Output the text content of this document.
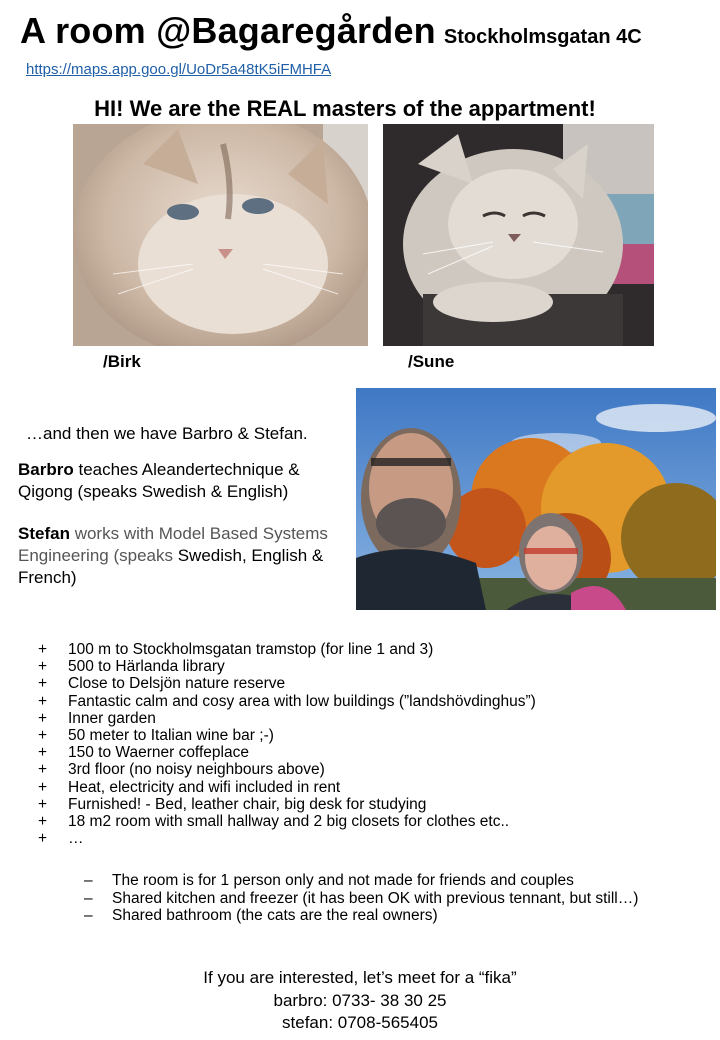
A room @Bagaregården Stockholmsgatan 4C
https://maps.app.goo.gl/UoDr5a48tK5iFMHFA
HI! We are the REAL masters of the appartment!
/Birk	/Sune
…and then we have Barbro & Stefan.
Barbro teaches Aleandertechnique & Qigong (speaks Swedish & English)
Stefan works with Model Based Systems Engineering (speaks Swedish, English & French)
+	100 m to Stockholmsgatan tramstop (for line 1 and 3)
+	500 to Härlanda library
+	Close to Delsjön nature reserve
+	Fantastic calm and cosy area with low buildings (”landshövdinghus”)
+	Inner garden
+	50 meter to Italian wine bar ;-)
+	150 to Waerner coffeplace
+	3rd floor (no noisy neighbours above)
+	Heat, electricity and wifi included in rent
+	Furnished! - Bed, leather chair, big desk for studying
+	18 m2 room with small hallway and 2 big closets for clothes etc..
+	…
–	The room is for 1 person only and not made for friends and couples
–	Shared kitchen and freezer (it has been OK with previous tennant, but still…)
–	Shared bathroom (the cats are the real owners)
If you are interested, let’s meet for a “fika”
barbro: 0733- 38 30 25
stefan: 0708-565405
